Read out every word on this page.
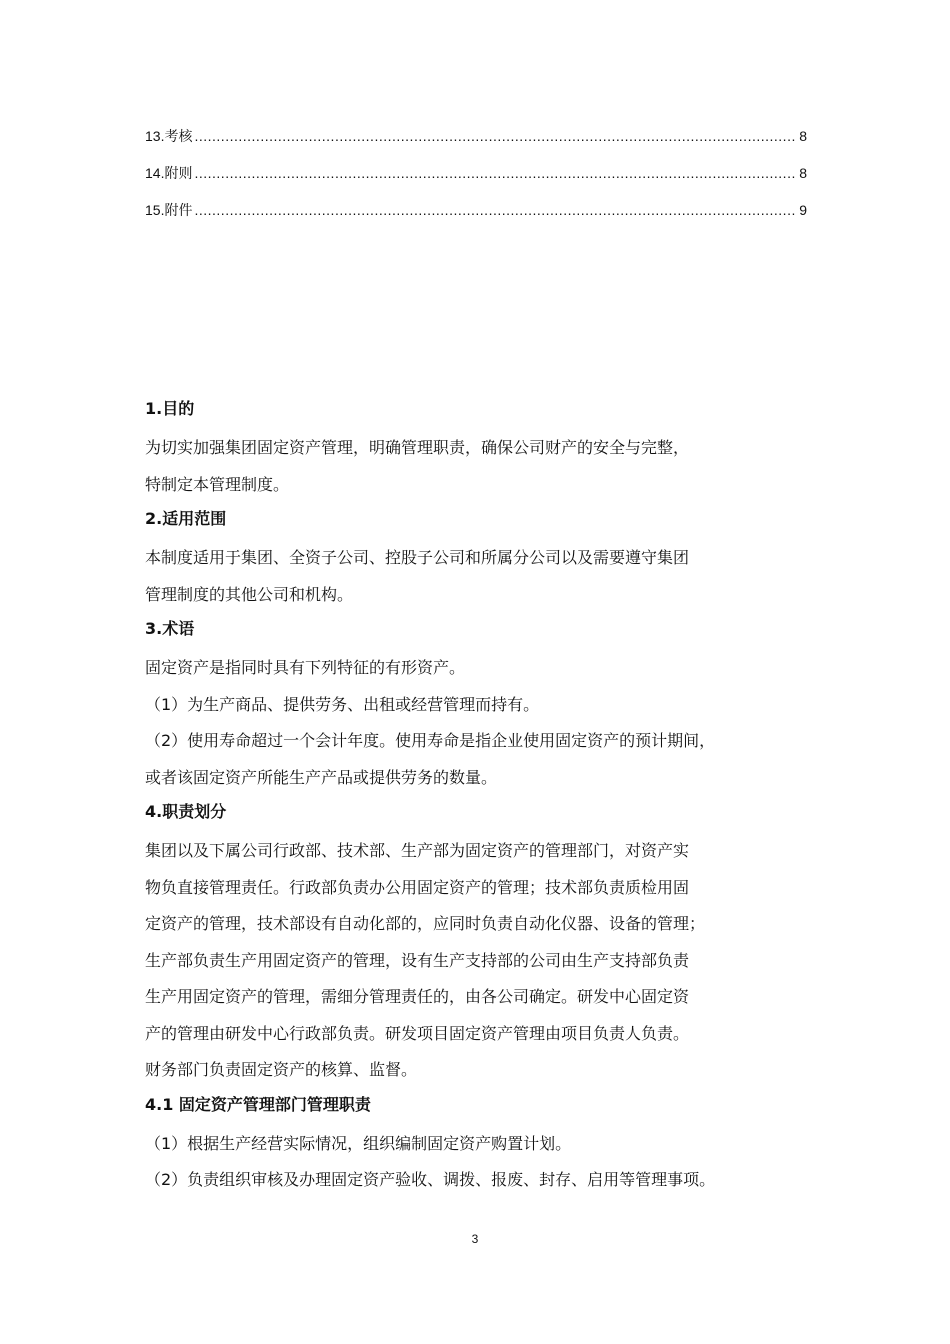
13.考核 .....	8
14.附则 .....	8
15.附件 .....	9
1.目的
为切实加强集团固定资产管理，明确管理职责，确保公司财产的安全与完整，
特制定本管理制度。
2.适用范围
本制度适用于集团、全资子公司、控股子公司和所属分公司以及需要遵守集团
管理制度的其他公司和机构。
3.术语
固定资产是指同时具有下列特征的有形资产。
（1）为生产商品、提供劳务、出租或经营管理而持有。
（2）使用寿命超过一个会计年度。使用寿命是指企业使用固定资产的预计期间，
或者该固定资产所能生产产品或提供劳务的数量。
4.职责划分
集团以及下属公司行政部、技术部、生产部为固定资产的管理部门，对资产实
物负直接管理责任。行政部负责办公用固定资产的管理；技术部负责质检用固
定资产的管理，技术部设有自动化部的，应同时负责自动化仪器、设备的管理；
生产部负责生产用固定资产的管理，设有生产支持部的公司由生产支持部负责
生产用固定资产的管理，需细分管理责任的，由各公司确定。研发中心固定资
产的管理由研发中心行政部负责。研发项目固定资产管理由项目负责人负责。
财务部门负责固定资产的核算、监督。
4.1 固定资产管理部门管理职责
（1）根据生产经营实际情况，组织编制固定资产购置计划。
（2）负责组织审核及办理固定资产验收、调拨、报废、封存、启用等管理事项。
3
